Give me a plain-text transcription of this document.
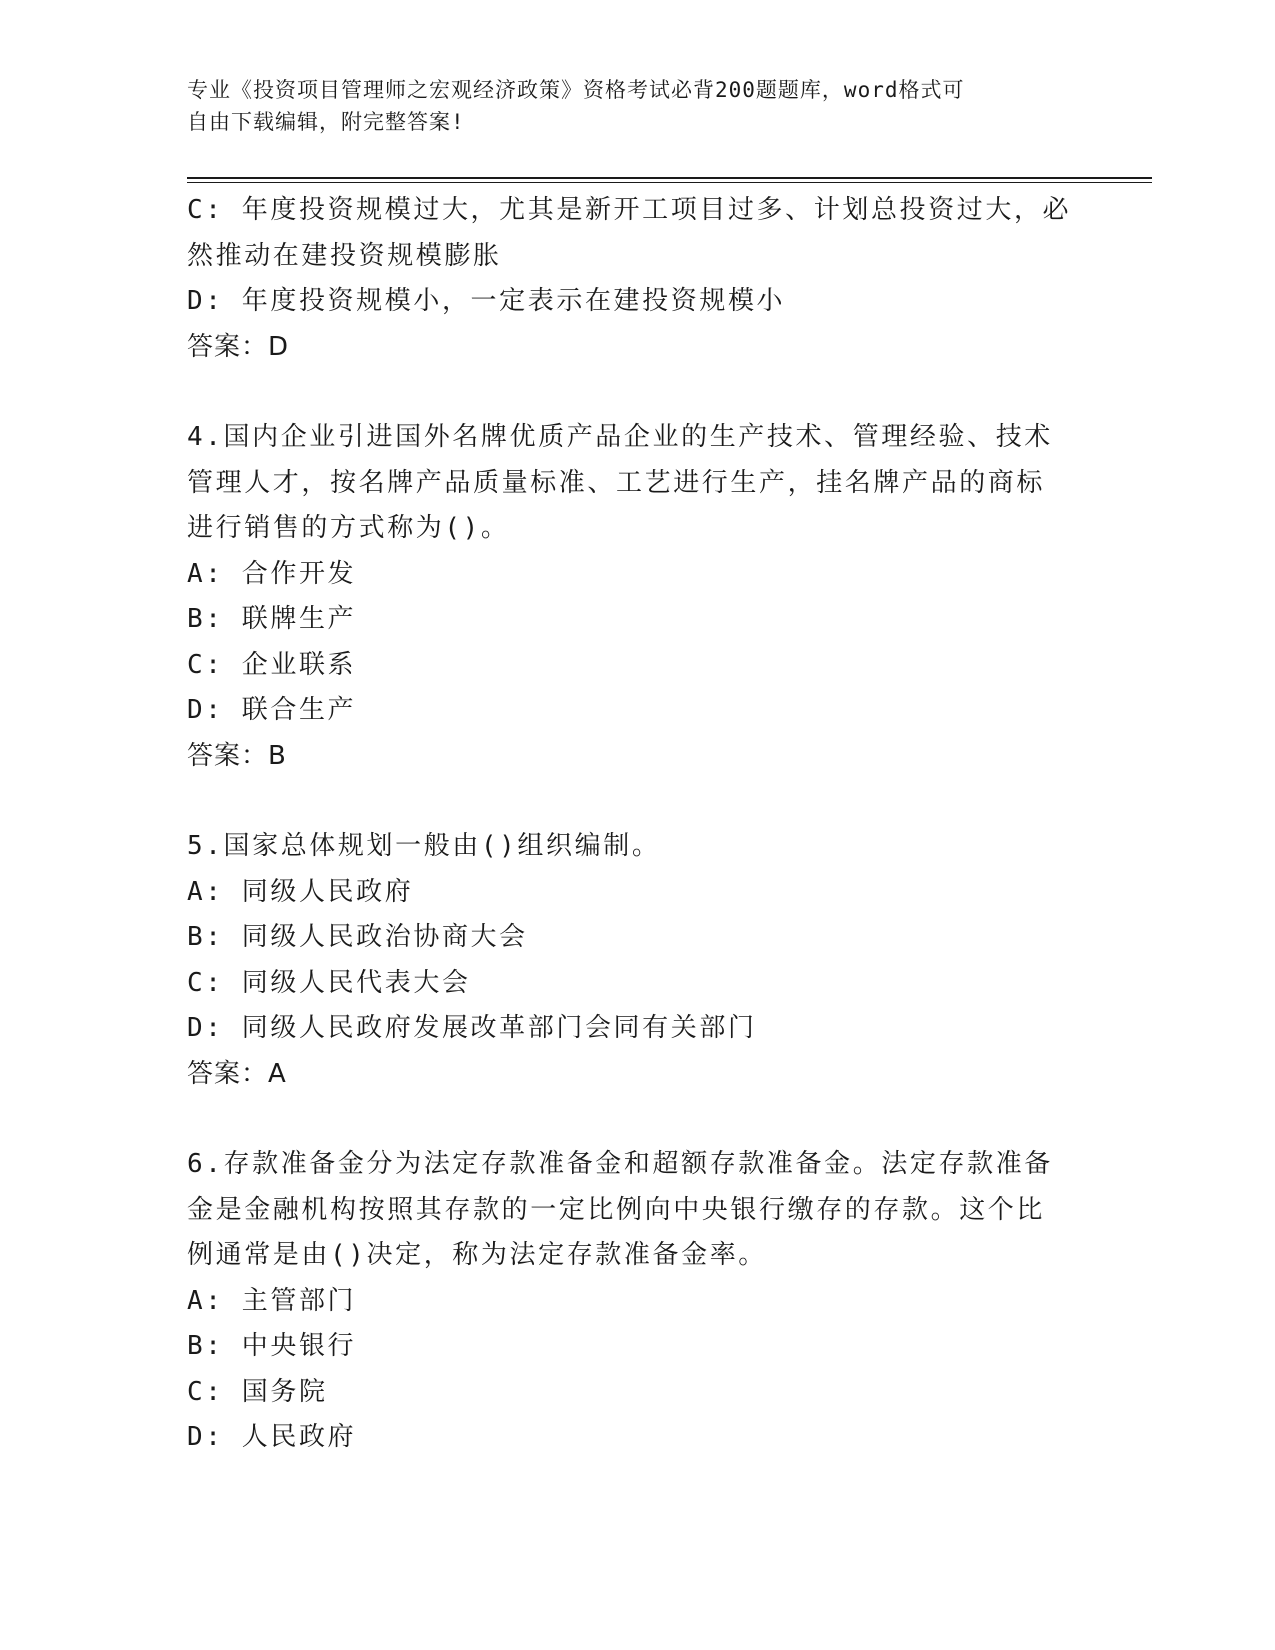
专业《投资项目管理师之宏观经济政策》资格考试必背200题题库，word格式可
自由下载编辑，附完整答案!
C: 年度投资规模过大，尤其是新开工项目过多、计划总投资过大，必
然推动在建投资规模膨胀
D: 年度投资规模小，一定表示在建投资规模小
答案：D
4.国内企业引进国外名牌优质产品企业的生产技术、管理经验、技术
管理人才，按名牌产品质量标准、工艺进行生产，挂名牌产品的商标
进行销售的方式称为()。
A: 合作开发
B: 联牌生产
C: 企业联系
D: 联合生产
答案：B
5.国家总体规划一般由()组织编制。
A: 同级人民政府
B: 同级人民政治协商大会
C: 同级人民代表大会
D: 同级人民政府发展改革部门会同有关部门
答案：A
6.存款准备金分为法定存款准备金和超额存款准备金。法定存款准备
金是金融机构按照其存款的一定比例向中央银行缴存的存款。这个比
例通常是由()决定，称为法定存款准备金率。
A: 主管部门
B: 中央银行
C: 国务院
D: 人民政府
